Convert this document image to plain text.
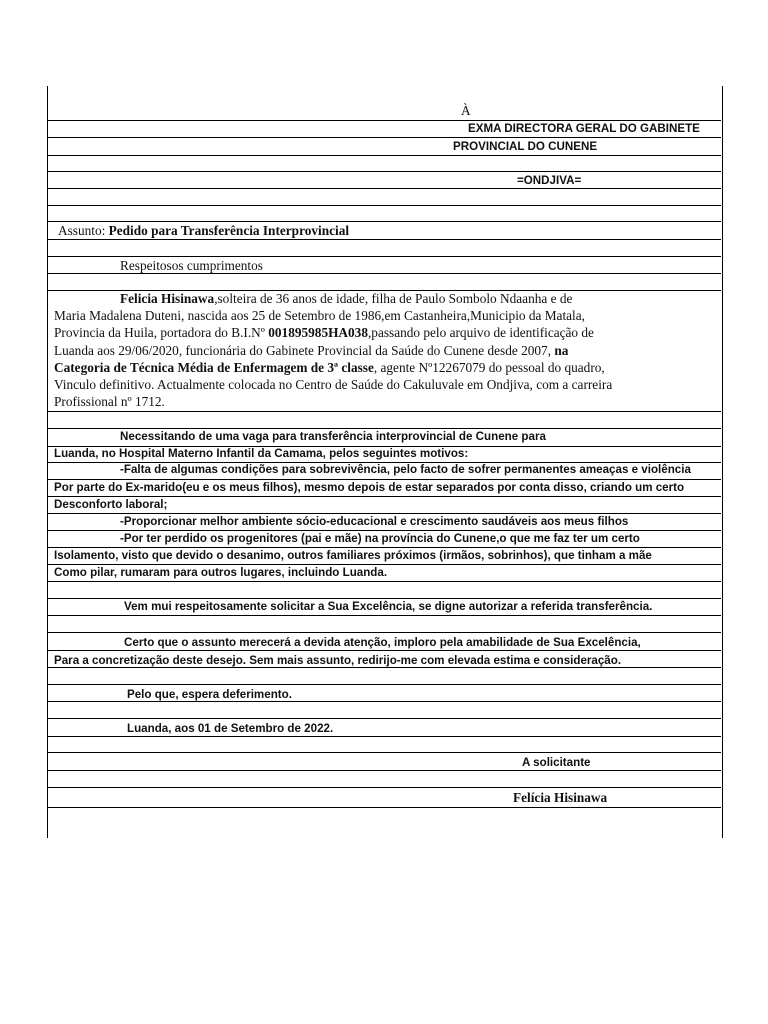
À
EXMA DIRECTORA GERAL DO GABINETE
PROVINCIAL DO CUNENE
=ONDJIVA=
Assunto: Pedido para Transferência Interprovincial
Respeitosos cumprimentos
Felicia Hisinawa,solteira de 36 anos de idade, filha de Paulo Sombolo Ndaanha e de
Maria Madalena Duteni, nascida aos 25 de Setembro de 1986,em Castanheira,Municipio da Matala,
Provincia da Huila, portadora do B.I.Nº 001895985HA038,passando pelo arquivo de identificação de
Luanda aos 29/06/2020, funcionária do Gabinete Provincial da Saúde do Cunene desde 2007, na
Categoria de Técnica Média de Enfermagem de 3ª classe, agente Nº12267079 do pessoal do quadro,
Vinculo definitivo. Actualmente colocada no Centro de Saúde do Cakuluvale em Ondjiva, com a carreira
Profissional nº 1712.
Necessitando de uma vaga para transferência interprovincial de Cunene para
Luanda, no Hospital Materno Infantil da Camama, pelos seguintes motivos:
-Falta de algumas condições para sobrevivência, pelo facto de sofrer permanentes ameaças e violência
Por parte do Ex-marido(eu e os meus filhos), mesmo depois de estar separados por conta disso, criando um certo
Desconforto laboral;
-Proporcionar melhor ambiente sócio-educacional e crescimento saudáveis aos meus filhos
-Por ter perdido os progenitores (pai e mãe) na província do Cunene,o que me faz ter um certo
Isolamento, visto que devido o desanimo, outros familiares próximos (irmãos, sobrinhos), que tinham a mãe
Como pilar, rumaram para outros lugares, incluindo Luanda.
Vem mui respeitosamente solicitar a Sua Excelência, se digne autorizar a referida transferência.
Certo que o assunto merecerá a devida atenção, imploro pela amabilidade de Sua Excelência,
Para a concretização deste desejo. Sem mais assunto, redirijo-me com elevada estima e consideração.
Pelo que, espera deferimento.
Luanda, aos 01 de Setembro de 2022.
A solicitante
Felícia Hisinawa
